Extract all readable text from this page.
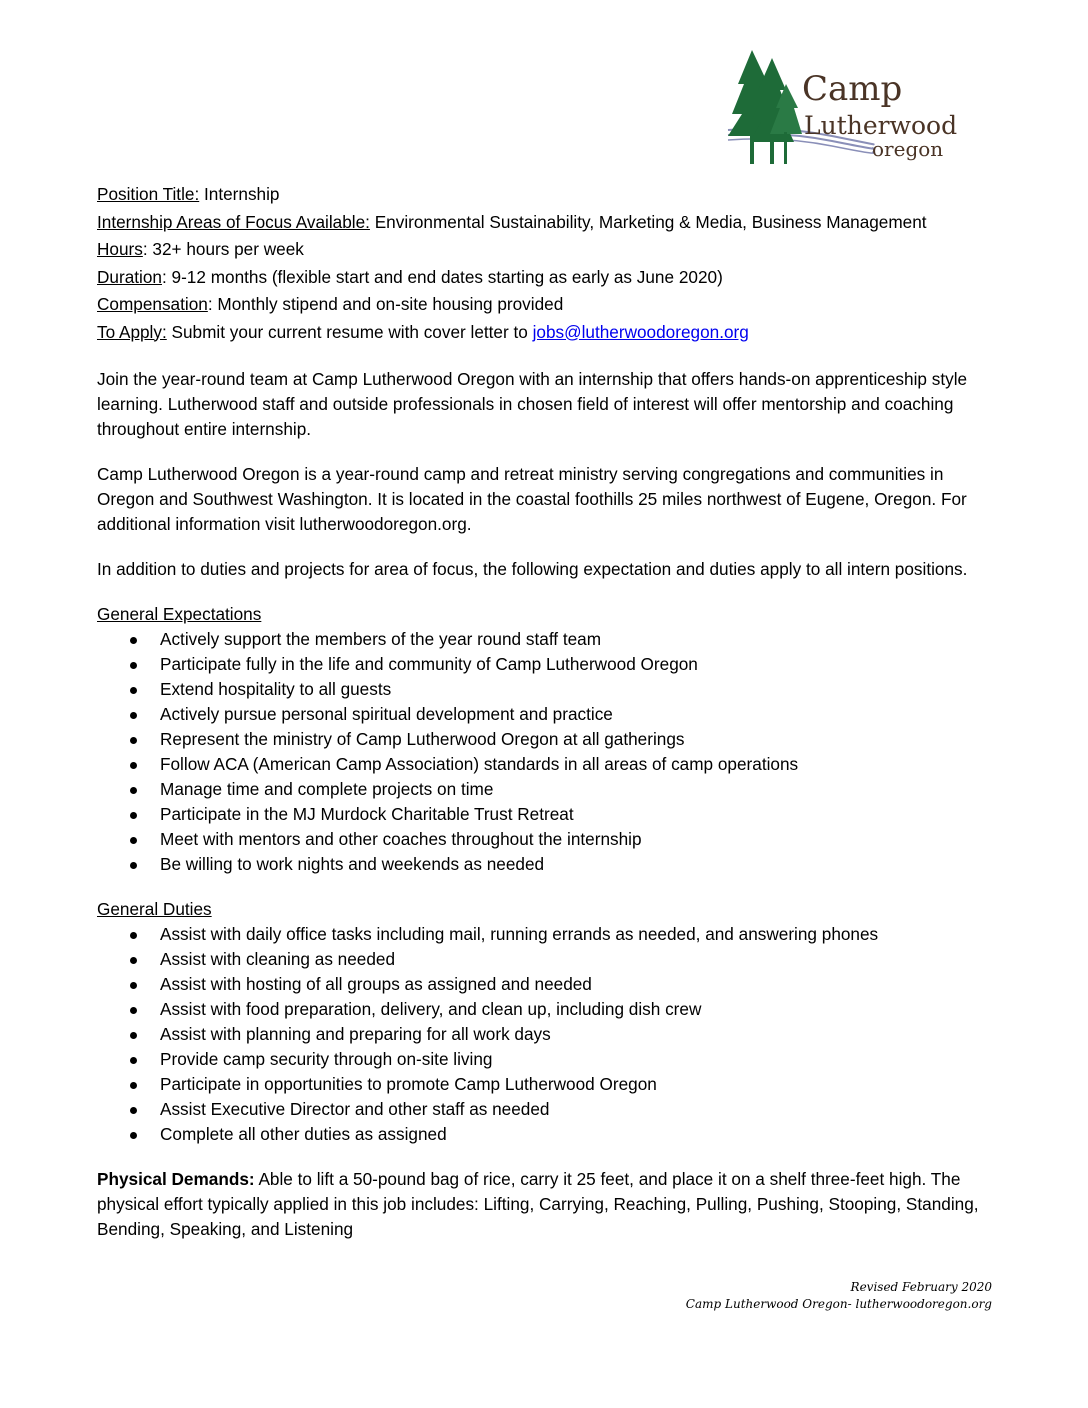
Camp
Lutherwood
oregon
Position Title: Internship
Internship Areas of Focus Available: Environmental Sustainability, Marketing & Media, Business Management
Hours: 32+ hours per week
Duration: 9-12 months (flexible start and end dates starting as early as June 2020)
Compensation: Monthly stipend and on-site housing provided
To Apply: Submit your current resume with cover letter to jobs@lutherwoodoregon.org

Join the year-round team at Camp Lutherwood Oregon with an internship that offers hands-on apprenticeship style learning. Lutherwood staff and outside professionals in chosen field of interest will offer mentorship and coaching throughout entire internship.

Camp Lutherwood Oregon is a year-round camp and retreat ministry serving congregations and communities in Oregon and Southwest Washington. It is located in the coastal foothills 25 miles northwest of Eugene, Oregon. For additional information visit lutherwoodoregon.org.

In addition to duties and projects for area of focus, the following expectation and duties apply to all intern positions.

General Expectations

Actively support the members of the year round staff team
Participate fully in the life and community of Camp Lutherwood Oregon
Extend hospitality to all guests
Actively pursue personal spiritual development and practice
Represent the ministry of Camp Lutherwood Oregon at all gatherings
Follow ACA (American Camp Association) standards in all areas of camp operations
Manage time and complete projects on time
Participate in the MJ Murdock Charitable Trust Retreat
Meet with mentors and other coaches throughout the internship
Be willing to work nights and weekends as needed

General Duties

Assist with daily office tasks including mail, running errands as needed, and answering phones
Assist with cleaning as needed
Assist with hosting of all groups as assigned and needed
Assist with food preparation, delivery, and clean up, including dish crew
Assist with planning and preparing for all work days
Provide camp security through on-site living
Participate in opportunities to promote Camp Lutherwood Oregon
Assist Executive Director and other staff as needed
Complete all other duties as assigned

Physical Demands: Able to lift a 50-pound bag of rice, carry it 25 feet, and place it on a shelf three-feet high. The physical effort typically applied in this job includes: Lifting, Carrying, Reaching, Pulling, Pushing, Stooping, Standing, Bending, Speaking, and Listening

Revised February 2020
Camp Lutherwood Oregon- lutherwoodoregon.org
